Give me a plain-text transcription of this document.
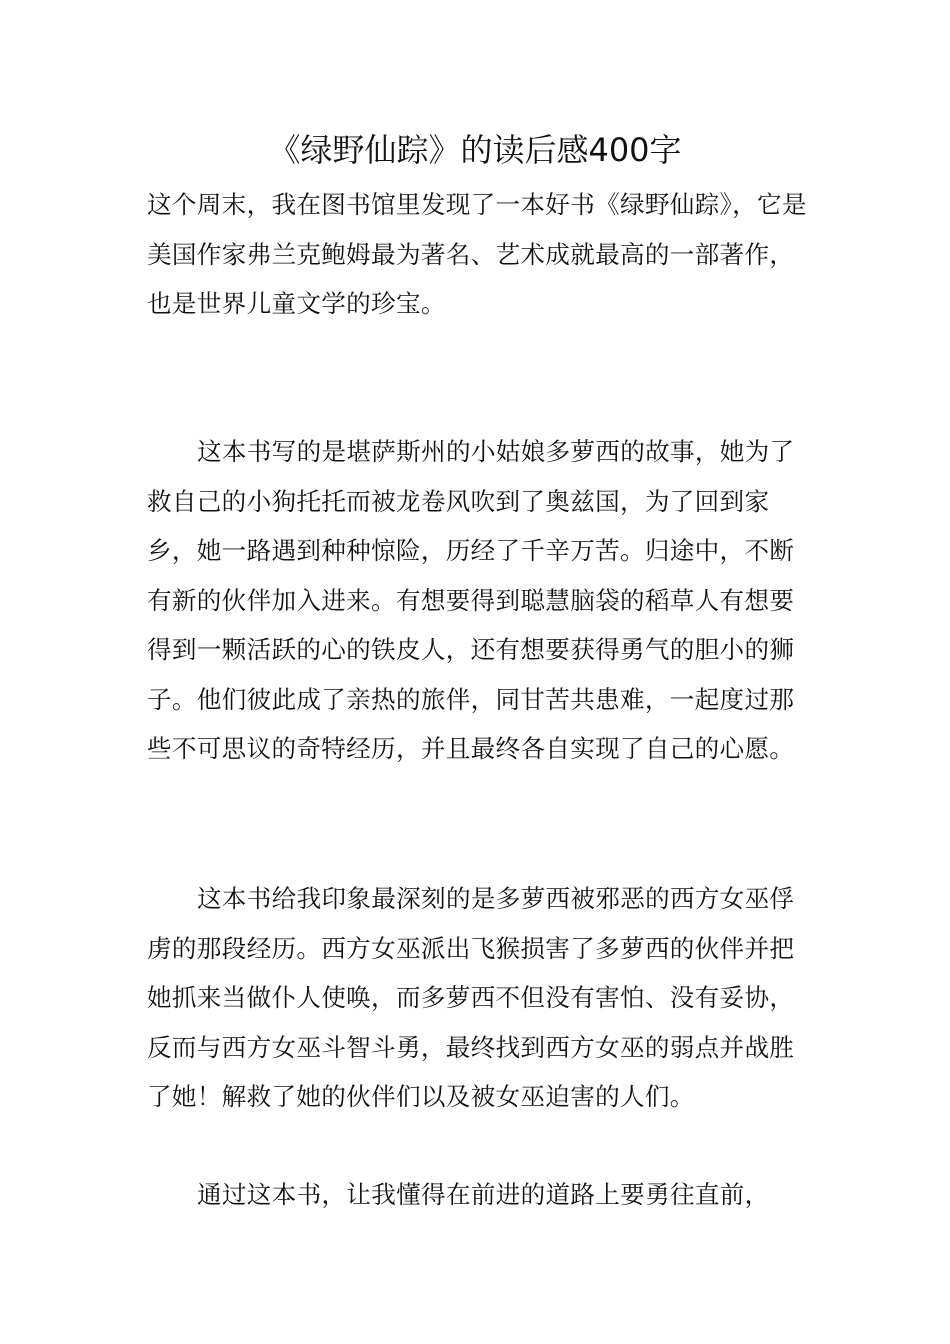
《绿野仙踪》的读后感400字

这个周末，我在图书馆里发现了一本好书《绿野仙踪》，它是美国作家弗兰克鲍姆最为著名、艺术成就最高的一部著作，也是世界儿童文学的珍宝。

这本书写的是堪萨斯州的小姑娘多萝西的故事，她为了救自己的小狗托托而被龙卷风吹到了奥兹国，为了回到家乡，她一路遇到种种惊险，历经了千辛万苦。归途中，不断有新的伙伴加入进来。有想要得到聪慧脑袋的稻草人有想要得到一颗活跃的心的铁皮人，还有想要获得勇气的胆小的狮子。他们彼此成了亲热的旅伴，同甘苦共患难，一起度过那些不可思议的奇特经历，并且最终各自实现了自己的心愿。

这本书给我印象最深刻的是多萝西被邪恶的西方女巫俘虏的那段经历。西方女巫派出飞猴损害了多萝西的伙伴并把她抓来当做仆人使唤，而多萝西不但没有害怕、没有妥协，反而与西方女巫斗智斗勇，最终找到西方女巫的弱点并战胜了她！解救了她的伙伴们以及被女巫迫害的人们。

通过这本书，让我懂得在前进的道路上要勇往直前，
